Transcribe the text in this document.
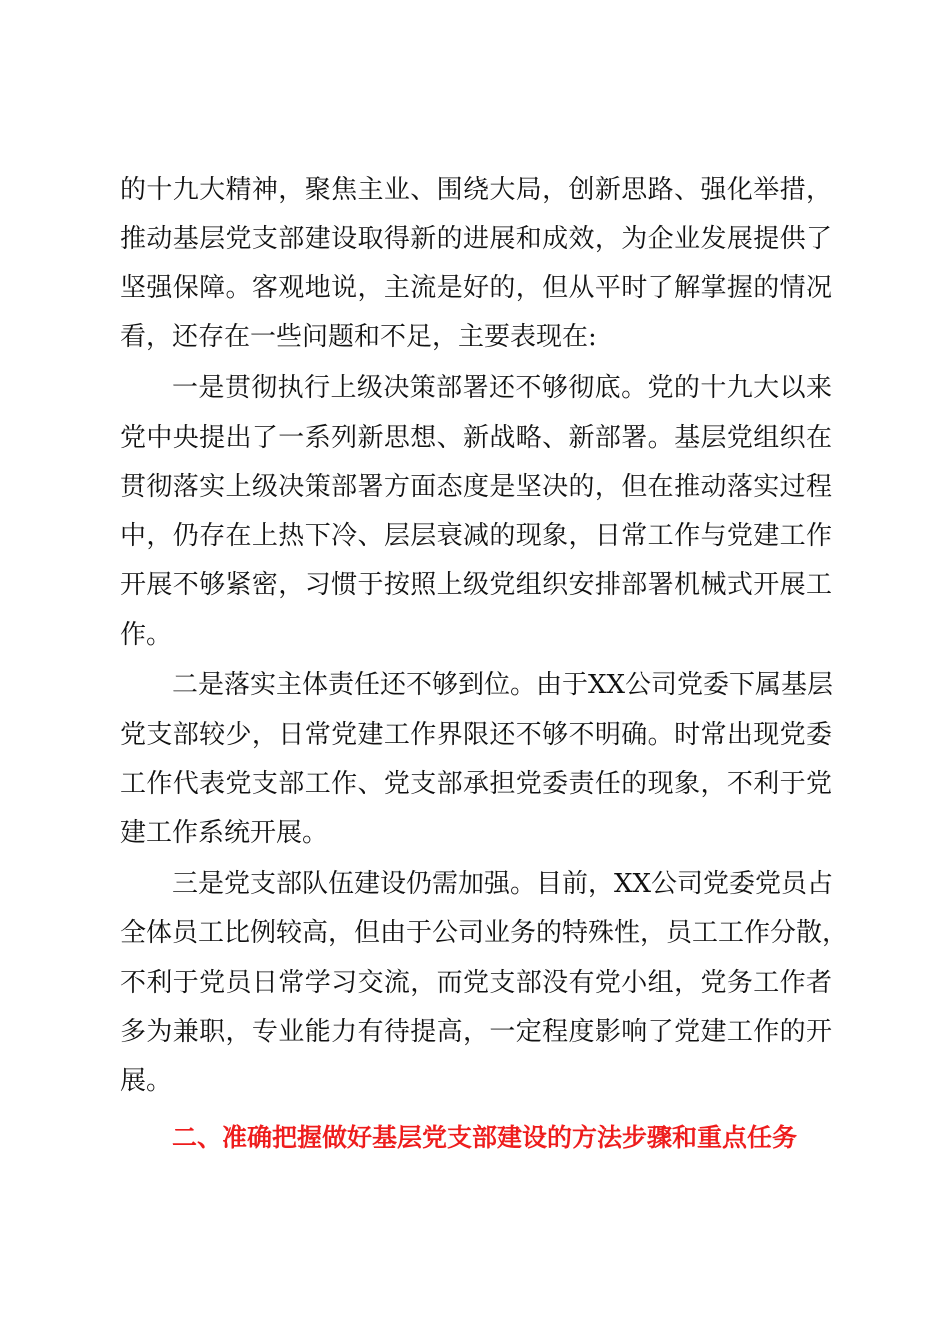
的十九大精神，聚焦主业、围绕大局，创新思路、强化举措，
推动基层党支部建设取得新的进展和成效，为企业发展提供了
坚强保障。客观地说，主流是好的，但从平时了解掌握的情况
看，还存在一些问题和不足，主要表现在:
一是贯彻执行上级决策部署还不够彻底。党的十九大以来
党中央提出了一系列新思想、新战略、新部署。基层党组织在
贯彻落实上级决策部署方面态度是坚决的，但在推动落实过程
中，仍存在上热下冷、层层衰减的现象，日常工作与党建工作
开展不够紧密，习惯于按照上级党组织安排部署机械式开展工
作。
二是落实主体责任还不够到位。由于XX公司党委下属基层
党支部较少，日常党建工作界限还不够不明确。时常出现党委
工作代表党支部工作、党支部承担党委责任的现象，不利于党
建工作系统开展。
三是党支部队伍建设仍需加强。目前，XX公司党委党员占
全体员工比例较高，但由于公司业务的特殊性，员工工作分散，
不利于党员日常学习交流，而党支部没有党小组，党务工作者
多为兼职，专业能力有待提高，一定程度影响了党建工作的开
展。
二、准确把握做好基层党支部建设的方法步骤和重点任务
